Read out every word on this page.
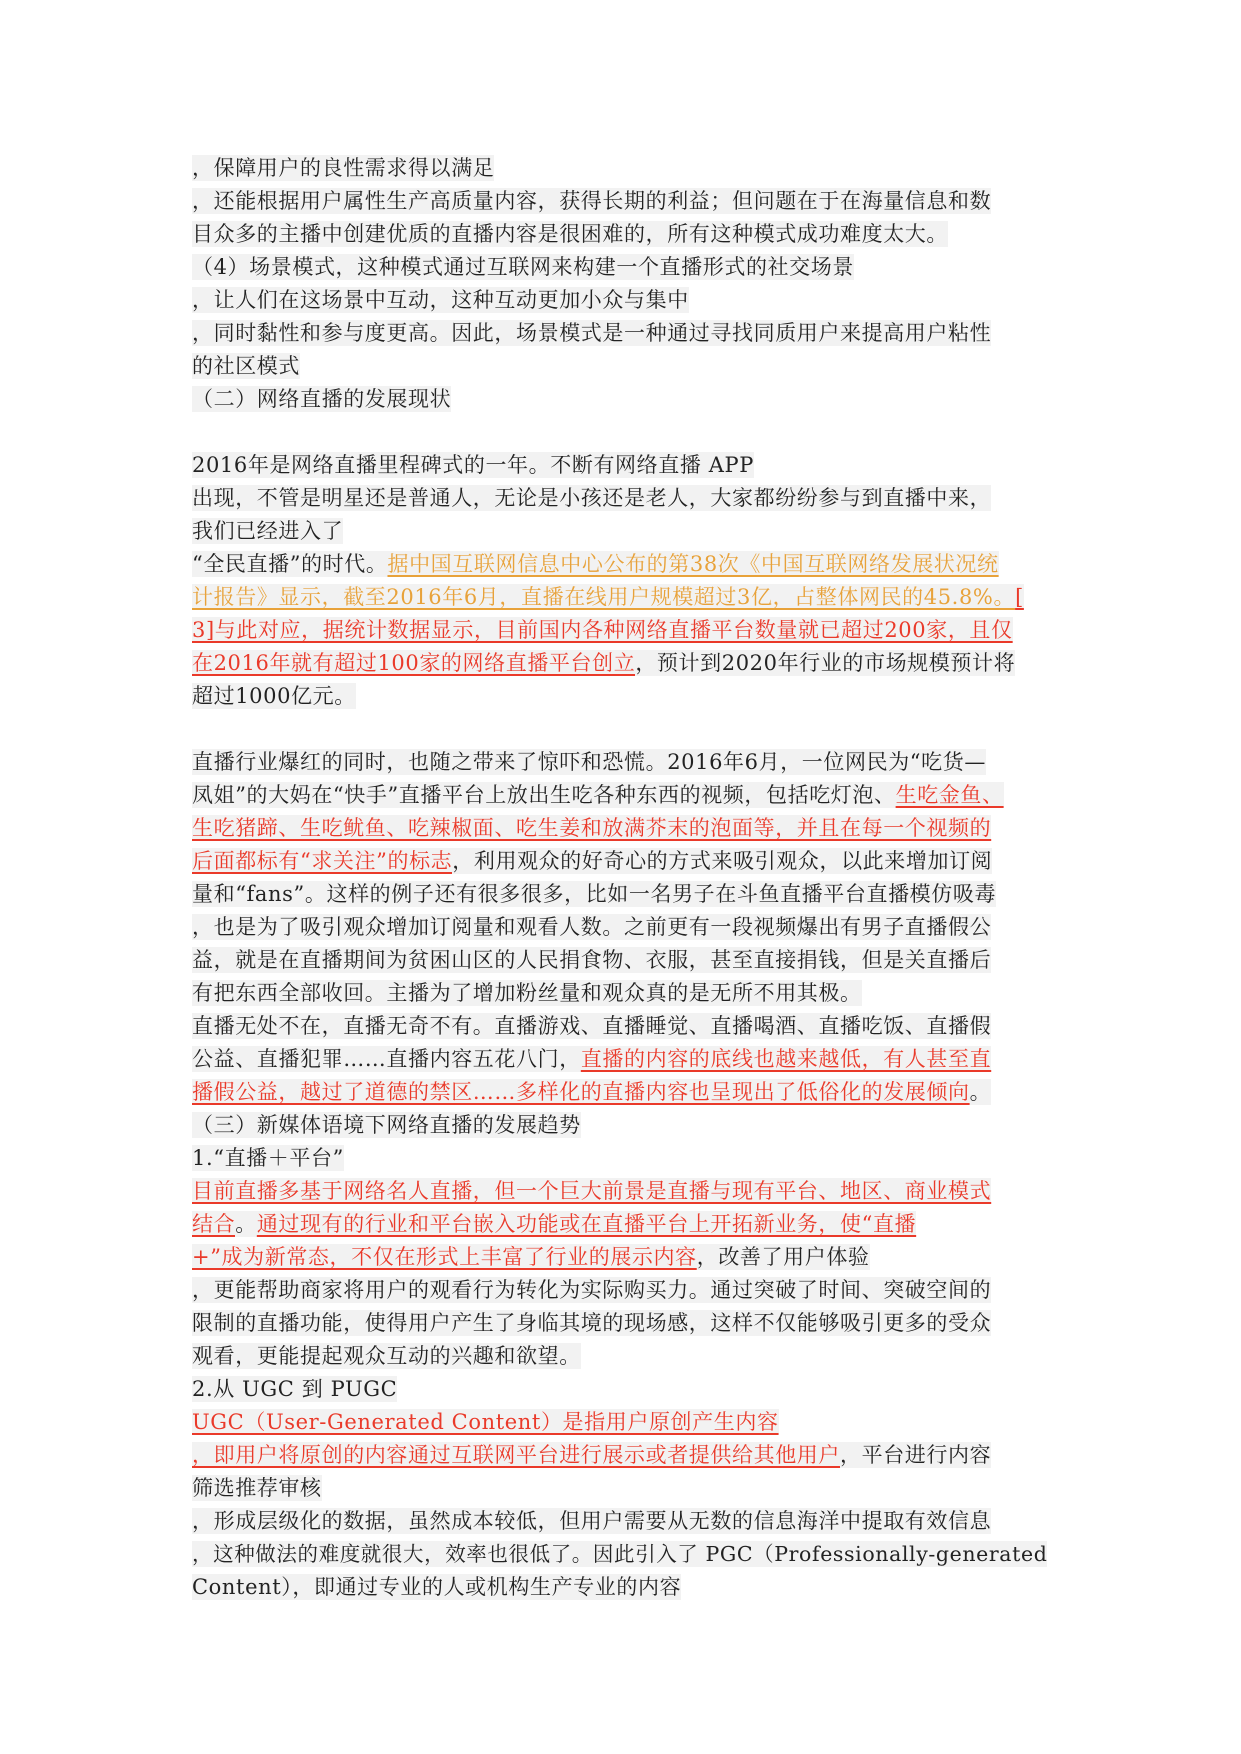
，保障用户的良性需求得以满足
，还能根据用户属性生产高质量内容，获得长期的利益；但问题在于在海量信息和数
目众多的主播中创建优质的直播内容是很困难的，所有这种模式成功难度太大。
（4）场景模式，这种模式通过互联网来构建一个直播形式的社交场景
，让人们在这场景中互动，这种互动更加小众与集中
，同时黏性和参与度更高。因此，场景模式是一种通过寻找同质用户来提高用户粘性
的社区模式
（二）网络直播的发展现状
2016年是网络直播里程碑式的一年。不断有网络直播 APP
出现，不管是明星还是普通人，无论是小孩还是老人，大家都纷纷参与到直播中来，
我们已经进入了
“全民直播”的时代。据中国互联网信息中心公布的第38次《中国互联网络发展状况统
计报告》显示，截至2016年6月，直播在线用户规模超过3亿，占整体网民的45.8%。[
3]与此对应，据统计数据显示，目前国内各种网络直播平台数量就已超过200家，且仅
在2016年就有超过100家的网络直播平台创立，预计到2020年行业的市场规模预计将
超过1000亿元。
直播行业爆红的同时，也随之带来了惊吓和恐慌。2016年6月，一位网民为“吃货—
凤姐”的大妈在“快手”直播平台上放出生吃各种东西的视频，包括吃灯泡、生吃金鱼、
生吃猪蹄、生吃鱿鱼、吃辣椒面、吃生姜和放满芥末的泡面等，并且在每一个视频的
后面都标有“求关注”的标志，利用观众的好奇心的方式来吸引观众，以此来增加订阅
量和“fans”。这样的例子还有很多很多，比如一名男子在斗鱼直播平台直播模仿吸毒
，也是为了吸引观众增加订阅量和观看人数。之前更有一段视频爆出有男子直播假公
益，就是在直播期间为贫困山区的人民捐食物、衣服，甚至直接捐钱，但是关直播后
有把东西全部收回。主播为了增加粉丝量和观众真的是无所不用其极。
直播无处不在，直播无奇不有。直播游戏、直播睡觉、直播喝酒、直播吃饭、直播假
公益、直播犯罪……直播内容五花八门，直播的内容的底线也越来越低，有人甚至直
播假公益，越过了道德的禁区……多样化的直播内容也呈现出了低俗化的发展倾向。
（三）新媒体语境下网络直播的发展趋势
1.“直播＋平台”
目前直播多基于网络名人直播，但一个巨大前景是直播与现有平台、地区、商业模式
结合。通过现有的行业和平台嵌入功能或在直播平台上开拓新业务，使“直播
+”成为新常态，不仅在形式上丰富了行业的展示内容，改善了用户体验
，更能帮助商家将用户的观看行为转化为实际购买力。通过突破了时间、突破空间的
限制的直播功能，使得用户产生了身临其境的现场感，这样不仅能够吸引更多的受众
观看，更能提起观众互动的兴趣和欲望。
2.从 UGC 到 PUGC
UGC（User-Generated Content）是指用户原创产生内容
，即用户将原创的内容通过互联网平台进行展示或者提供给其他用户，平台进行内容
筛选推荐审核
，形成层级化的数据，虽然成本较低，但用户需要从无数的信息海洋中提取有效信息
，这种做法的难度就很大，效率也很低了。因此引入了 PGC（Professionally-generated
Content），即通过专业的人或机构生产专业的内容
